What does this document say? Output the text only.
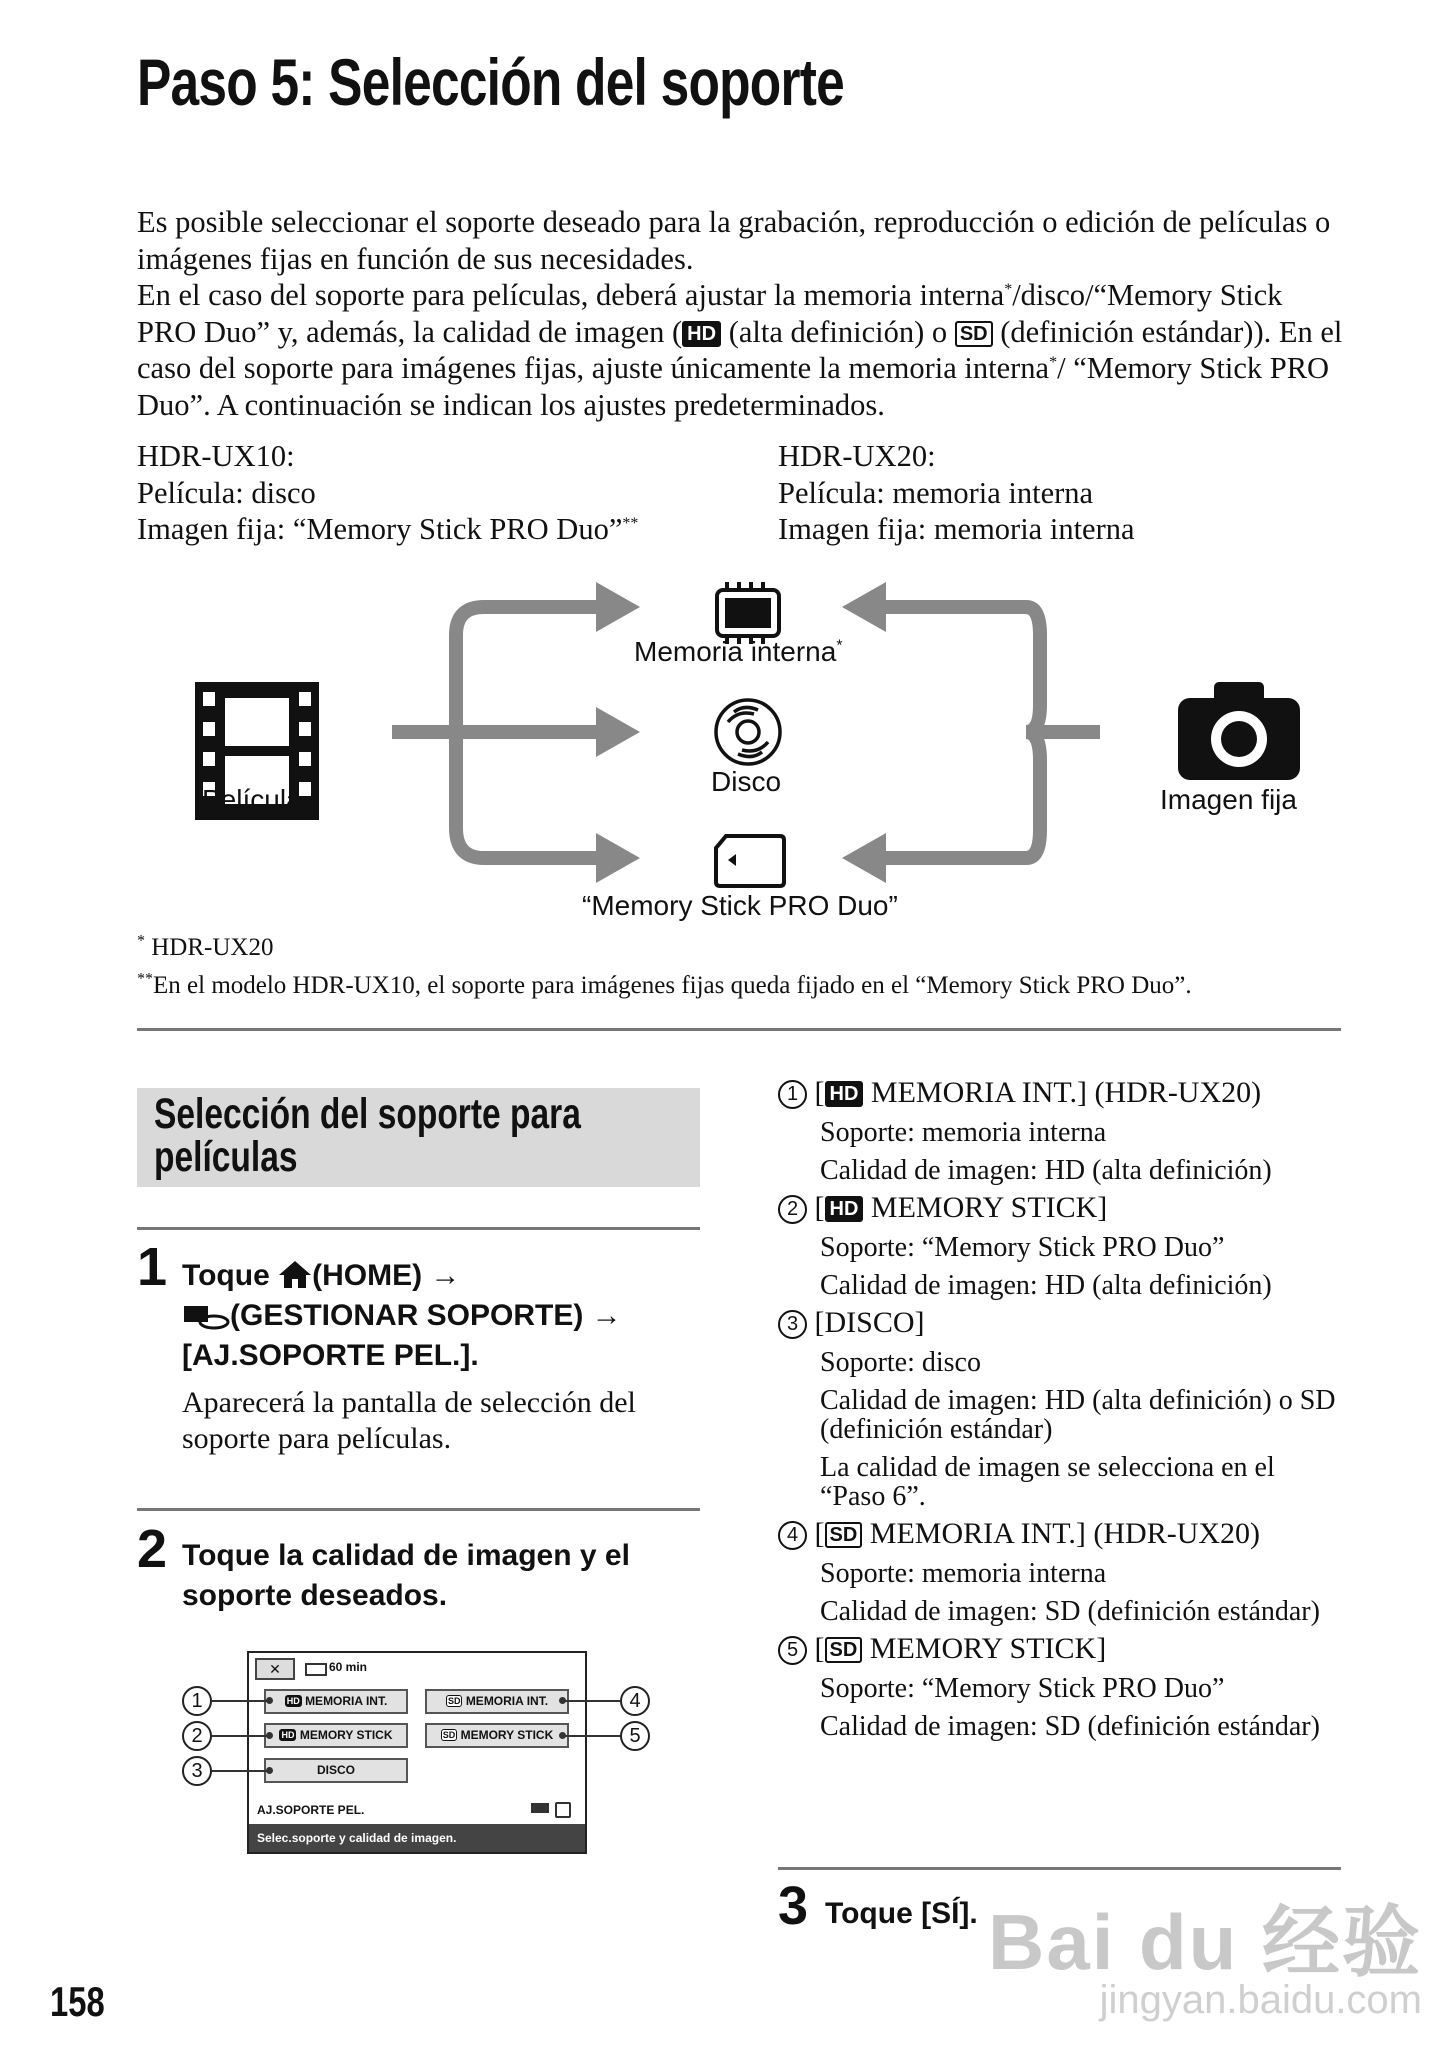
Paso 5: Selección del soporte

Es posible seleccionar el soporte deseado para la grabación, reproducción o edición de películas o imágenes fijas en función de sus necesidades.

En el caso del soporte para películas, deberá ajustar la memoria interna*/disco/“Memory Stick PRO Duo” y, además, la calidad de imagen ( HD (alta definición) o SD (definición estándar)). En el caso del soporte para imágenes fijas, ajuste únicamente la memoria interna*/ “Memory Stick PRO Duo”. A continuación se indican los ajustes predeterminados.

HDR-UX10:
Película: disco
Imagen fija: “Memory Stick PRO Duo”**
HDR-UX20:
Película: memoria interna
Imagen fija: memoria interna
Película	Imagen fija
Memoria interna*
Disco
“Memory Stick PRO Duo”
* HDR-UX20
**En el modelo HDR-UX10, el soporte para imágenes fijas queda fijado en el “Memory Stick PRO Duo”.
Selección del soporte para
películas
1 Toque (HOME) →
(GESTIONAR SOPORTE) →
[AJ.SOPORTE PEL.].
Aparecerá la pantalla de selección del soporte para películas.
2 Toque la calidad de imagen y el soporte deseados.
✕	60 min
HD MEMORIA INT.
HD MEMORY STICK
DISCO
SD MEMORIA INT.
SD MEMORY STICK
AJ.SOPORTE PEL.
Selec.soporte y calidad de imagen.
1
2
3
4
5
1 [ HD MEMORIA INT.] (HDR-UX20)
Soporte: memoria interna
Calidad de imagen: HD (alta definición)
2 [ HD MEMORY STICK]
Soporte: “Memory Stick PRO Duo”
Calidad de imagen: HD (alta definición)
3 [DISCO]
Soporte: disco
Calidad de imagen: HD (alta definición) o SD (definición estándar)
La calidad de imagen se selecciona en el “Paso 6”.
4 [ SD MEMORIA INT.] (HDR-UX20)
Soporte: memoria interna
Calidad de imagen: SD (definición estándar)
5 [ SD MEMORY STICK]
Soporte: “Memory Stick PRO Duo”
Calidad de imagen: SD (definición estándar)
3 Toque [SÍ].
158
Bai du 经验
jingyan.baidu.com
